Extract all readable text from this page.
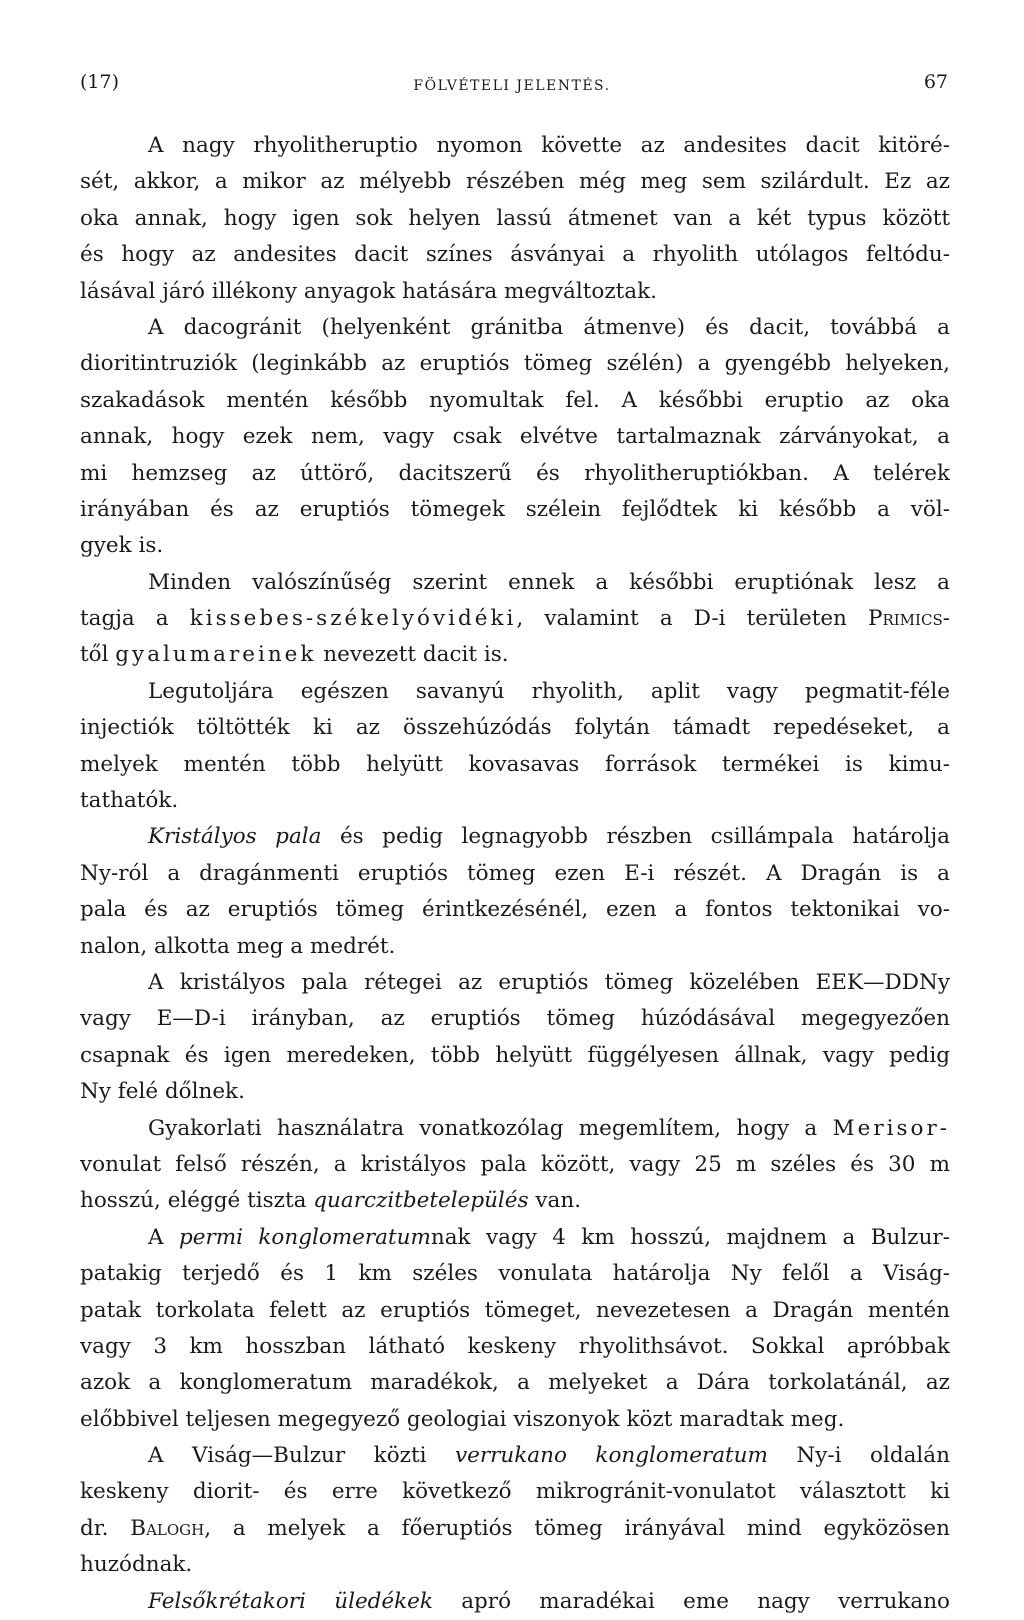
(17)	FÖLVÉTELI JELENTÉS.	67
A nagy rhyolitheruptio nyomon követte az andesites dacit kitöré-
sét, akkor, a mikor az mélyebb részében még meg sem szilárdult. Ez az
oka annak, hogy igen sok helyen lassú átmenet van a két typus között
és hogy az andesites dacit színes ásványai a rhyolith utólagos feltódu-
lásával járó illékony anyagok hatására megváltoztak.
A dacogránit (helyenként gránitba átmenve) és dacit, továbbá a
dioritintruziók (leginkább az eruptiós tömeg szélén) a gyengébb helyeken,
szakadások mentén később nyomultak fel. A későbbi eruptio az oka
annak, hogy ezek nem, vagy csak elvétve tartalmaznak zárványokat, a
mi hemzseg az úttörő, dacitszerű és rhyolitheruptiókban. A telérek
irányában és az eruptiós tömegek szélein fejlődtek ki később a völ-
gyek is.
Minden valószínűség szerint ennek a későbbi eruptiónak lesz a
tagja a kissebes-székelyóvidéki, valamint a D-i területen Primics-
től gyalumareinek nevezett dacit is.
Legutoljára egészen savanyú rhyolith, aplit vagy pegmatit-féle
injectiók töltötték ki az összehúzódás folytán támadt repedéseket, a
melyek mentén több helyütt kovasavas források termékei is kimu-
tathatók.
Kristályos pala és pedig legnagyobb részben csillámpala határolja
Ny-ról a dragánmenti eruptiós tömeg ezen E-i részét. A Dragán is a
pala és az eruptiós tömeg érintkezésénél, ezen a fontos tektonikai vo-
nalon, alkotta meg a medrét.
A kristályos pala rétegei az eruptiós tömeg közelében EEK—DDNy
vagy E—D-i irányban, az eruptiós tömeg húzódásával megegyezően
csapnak és igen meredeken, több helyütt függélyesen állnak, vagy pedig
Ny felé dőlnek.
Gyakorlati használatra vonatkozólag megemlítem, hogy a Merisor-
vonulat felső részén, a kristályos pala között, vagy 25 m széles és 30 m
hosszú, eléggé tiszta quarczitbetelepülés van.
A permi konglomeratumnak vagy 4 km hosszú, majdnem a Bulzur-
patakig terjedő és 1 km széles vonulata határolja Ny felől a Viság-
patak torkolata felett az eruptiós tömeget, nevezetesen a Dragán mentén
vagy 3 km hosszban látható keskeny rhyolithsávot. Sokkal apróbbak
azok a konglomeratum maradékok, a melyeket a Dára torkolatánál, az
előbbivel teljesen megegyező geologiai viszonyok közt maradtak meg.
A Viság—Bulzur közti verrukano konglomeratum Ny-i oldalán
keskeny diorit- és erre következő mikrogránit-vonulatot választott ki
dr. Balogh, a melyek a főeruptiós tömeg irányával mind egyközösen
huzódnak.
Felsőkrétakori üledékek apró maradékai eme nagy verrukano
